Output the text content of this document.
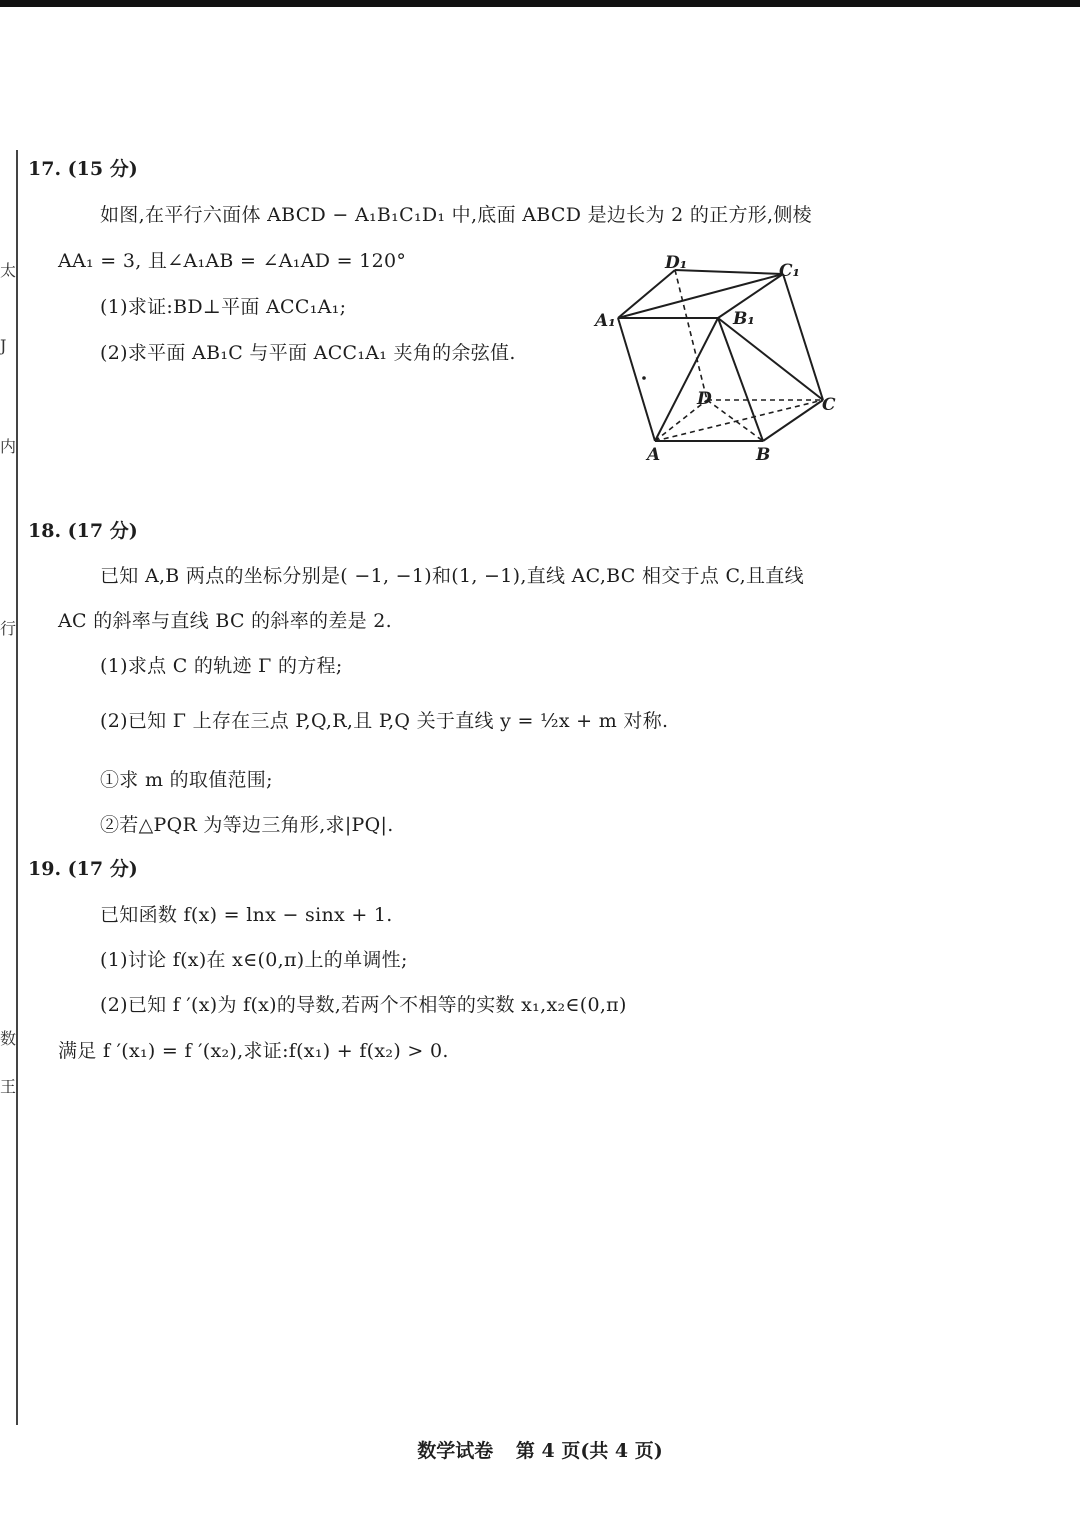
太
J
内
行
数
王
17. (15 分)
如图,在平行六面体 ABCD − A₁B₁C₁D₁ 中,底面 ABCD 是边长为 2 的正方形,侧棱
AA₁ = 3, 且∠A₁AB = ∠A₁AD = 120°
(1)求证:BD⊥平面 ACC₁A₁;
(2)求平面 AB₁C 与平面 ACC₁A₁ 夹角的余弦值.
D₁	C₁
A₁	B₁
D	C
A	B
18. (17 分)
已知 A,B 两点的坐标分别是( −1, −1)和(1, −1),直线 AC,BC 相交于点 C,且直线
AC 的斜率与直线 BC 的斜率的差是 2.
(1)求点 C 的轨迹 Γ 的方程;
(2)已知 Γ 上存在三点 P,Q,R,且 P,Q 关于直线 y = ½x + m 对称.
①求 m 的取值范围;
②若△PQR 为等边三角形,求|PQ|.
19. (17 分)
已知函数 f(x) = lnx − sinx + 1.
(1)讨论 f(x)在 x∈(0,π)上的单调性;
(2)已知 f ′(x)为 f(x)的导数,若两个不相等的实数 x₁,x₂∈(0,π)
满足 f ′(x₁) = f ′(x₂),求证:f(x₁) + f(x₂) > 0.
数学试卷 第 4 页(共 4 页)
